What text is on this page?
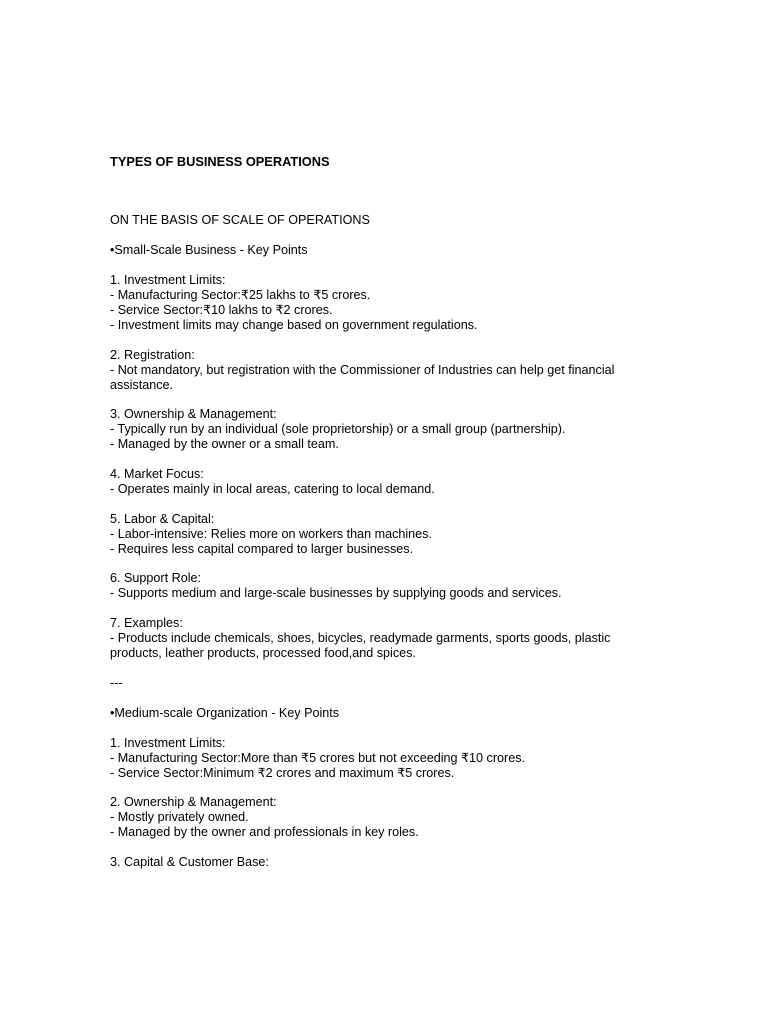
TYPES OF BUSINESS OPERATIONS
ON THE BASIS OF SCALE OF OPERATIONS
•Small-Scale Business - Key Points
1. Investment Limits:
- Manufacturing Sector:₹25 lakhs to ₹5 crores.
- Service Sector:₹10 lakhs to ₹2 crores.
- Investment limits may change based on government regulations.
2. Registration:
- Not mandatory, but registration with the Commissioner of Industries can help get financial
assistance.
3. Ownership & Management:
- Typically run by an individual (sole proprietorship) or a small group (partnership).
- Managed by the owner or a small team.
4. Market Focus:
- Operates mainly in local areas, catering to local demand.
5. Labor & Capital:
- Labor-intensive: Relies more on workers than machines.
- Requires less capital compared to larger businesses.
6. Support Role:
- Supports medium and large-scale businesses by supplying goods and services.
7. Examples:
- Products include chemicals, shoes, bicycles, readymade garments, sports goods, plastic
products, leather products, processed food,and spices.
---
•Medium-scale Organization - Key Points
1. Investment Limits:
- Manufacturing Sector:More than ₹5 crores but not exceeding ₹10 crores.
- Service Sector:Minimum ₹2 crores and maximum ₹5 crores.
2. Ownership & Management:
- Mostly privately owned.
- Managed by the owner and professionals in key roles.
3. Capital & Customer Base:
